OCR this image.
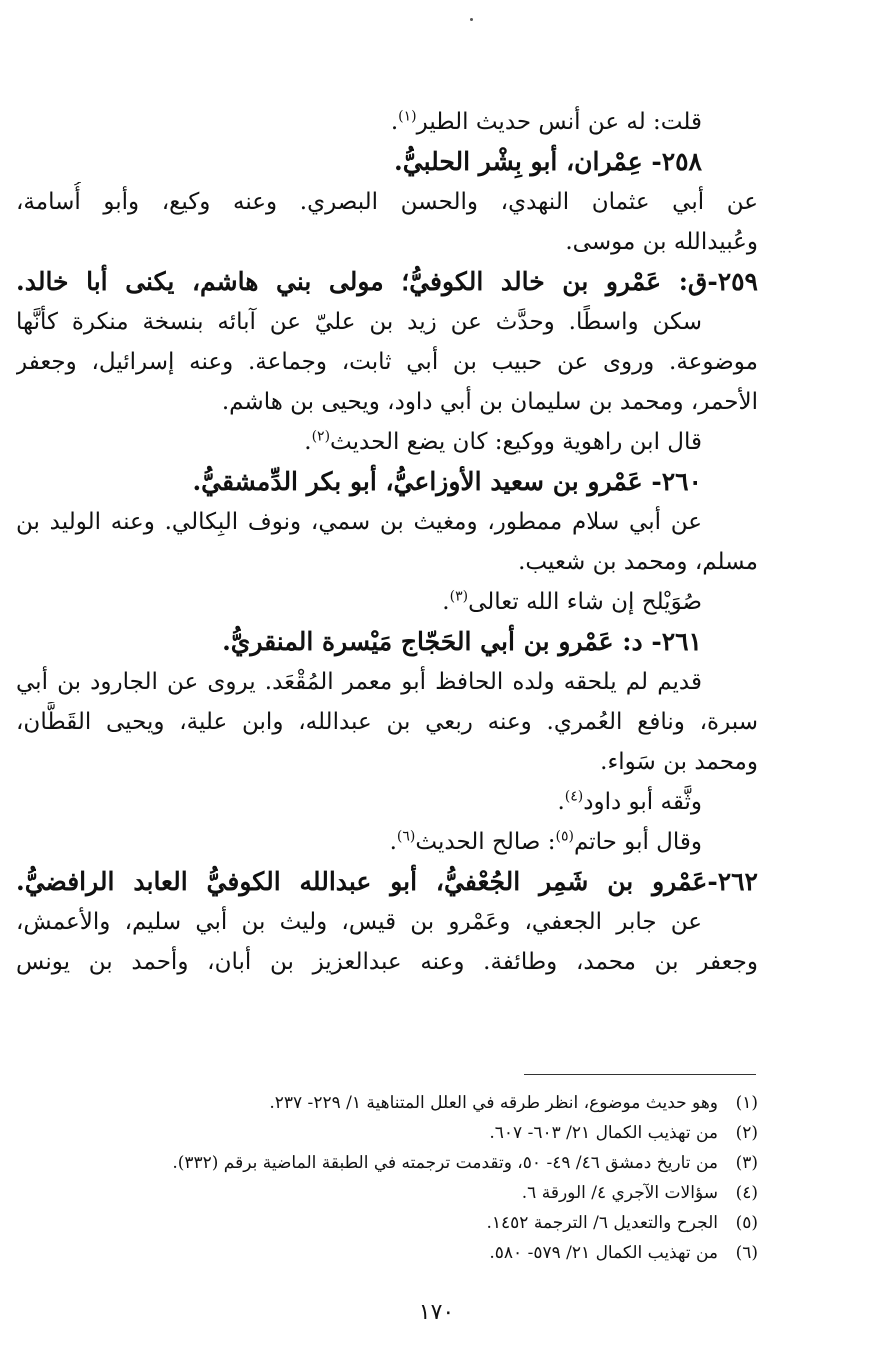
قلت: له عن أنس حديث الطير$^{(١)}$.
٢٥٨- عِمْران، أبو بِشْر الحلبيُّ.
عن أبي عثمان النهدي، والحسن البصري. وعنه وكيع، وأبو أُسامة،
وعُبيدالله بن موسى.
٢٥٩-ق: عَمْرو بن خالد الكوفيُّ؛ مولى بني هاشم، يكنى أبا خالد.
سكن واسطًا. وحدَّث عن زيد بن عليّ عن آبائه بنسخة منكرة كأنَّها
موضوعة. وروى عن حبيب بن أبي ثابت، وجماعة. وعنه إسرائيل، وجعفر
الأحمر، ومحمد بن سليمان بن أبي داود، ويحيى بن هاشم.
قال ابن راهوية ووكيع: كان يضع الحديث$^{(٢)}$.
٢٦٠- عَمْرو بن سعيد الأوزاعيُّ، أبو بكر الدِّمشقيُّ.
عن أبي سلام ممطور، ومغيث بن سمي، ونوف البِكالي. وعنه الوليد بن
مسلم، ومحمد بن شعيب.
صُوَيْلح إن شاء الله تعالى$^{(٣)}$.
٢٦١- د: عَمْرو بن أبي الحَجّاج مَيْسرة المنقريُّ.
قديم لم يلحقه ولده الحافظ أبو معمر المُقْعَد. يروى عن الجارود بن أبي
سبرة، ونافع العُمري. وعنه ربعي بن عبدالله، وابن علية، ويحيى القَطَّان،
ومحمد بن سَواء.
وثَّقه أبو داود$^{(٤)}$.
وقال أبو حاتم$^{(٥)}$: صالح الحديث$^{(٦)}$.
٢٦٢-عَمْرو بن شَمِر الجُعْفيُّ، أبو عبدالله الكوفيُّ العابد الرافضيُّ.
عن جابر الجعفي، وعَمْرو بن قيس، وليث بن أبي سليم، والأعمش،
وجعفر بن محمد، وطائفة. وعنه عبدالعزيز بن أبان، وأحمد بن يونس
(١)وهو حديث موضوع، انظر طرقه في العلل المتناهية ١/ ٢٢٩- ٢٣٧.
(٢)من تهذيب الكمال ٢١/ ٦٠٣- ٦٠٧.
(٣)من تاريخ دمشق ٤٦/ ٤٩- ٥٠، وتقدمت ترجمته في الطبقة الماضية برقم (٣٣٢).
(٤)سؤالات الآجري ٤/ الورقة ٦.
(٥)الجرح والتعديل ٦/ الترجمة ١٤٥٢.
(٦)من تهذيب الكمال ٢١/ ٥٧٩- ٥٨٠.
١٧٠
